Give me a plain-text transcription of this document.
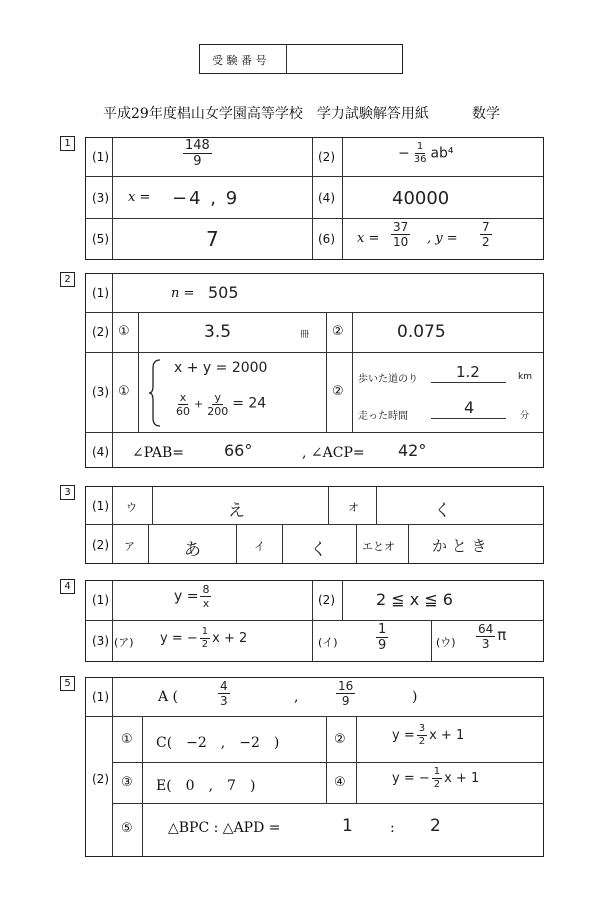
受 験 番 号
平成29年度椙山女学園高等学校　学力試験解答用紙	数学
1
(1)	$\frac{148}{9}$	(2)	− $\frac{1}{36} ab^4$
(3) x = −4 , 9	(4)	40000
(5)	7	(6) $x = \frac{37}{10}$ , $y = \frac{7}{2}$
2
(1)	n = 505
(2) ①	3.5	冊 ②	0.075
(3) ①
x + y = 2000
$\frac{x}{60} + \frac{y}{200} = 24$
②
歩いた道のり	1.2	km
走った時間	4	分
(4) ∠PAB=	66°	, ∠ACP= 42°
3
(1) ウ	え	オ	く
(2) ア	あ	イ	く	エとオ か と き
4
(1)	$y = \frac{8}{x}$	(2)	2 ≦ x ≦ 6
(3) (ア) y = − $\frac{1}{2}$ x + 2	(イ)	$\frac{1}{9}$	(ウ) $\frac{64}{3}$ π
5
(1)	A (	$\frac{4}{3}$	,	$\frac{16}{9}$	)
(2)
① C(　−2　,　−2　)	②	$y = \frac{3}{2}$ x + 1
③ E(　0　,　7　)	④	y = − $\frac{1}{2}$ x + 1
⑤	△BPC : △APD =	1	: 2
